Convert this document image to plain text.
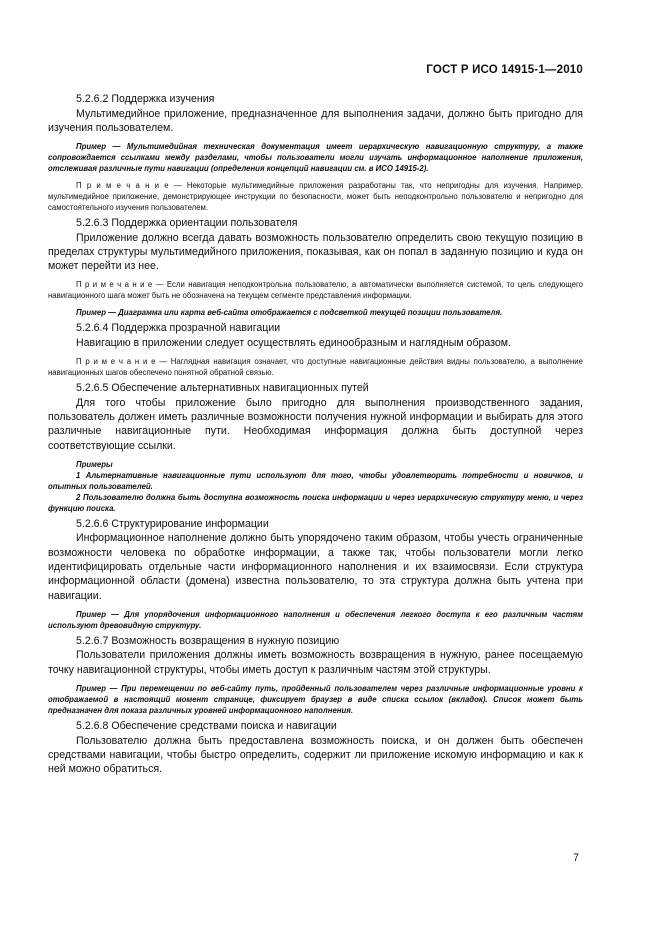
ГОСТ Р ИСО 14915-1—2010

5.2.6.2 Поддержка изучения

Мультимедийное приложение, предназначенное для выполнения задачи, должно быть пригодно для изучения пользователем.

Пример — Мультимедийная техническая документация имеет иерархическую навигационную структуру, а также сопровождается ссылками между разделами, чтобы пользователи могли изучать информационное наполнение приложения, отслеживая различные пути навигации (определения концепций навигации см. в ИСО 14915-2).

П р и м е ч а н и е — Некоторые мультимедийные приложения разработаны так, что непригодны для изучения. Например, мультимедийное приложение, демонстрирующее инструкции по безопасности, может быть неподконтрольно пользователю и непригодно для самостоятельного изучения пользователем.

5.2.6.3 Поддержка ориентации пользователя

Приложение должно всегда давать возможность пользователю определить свою текущую позицию в пределах структуры мультимедийного приложения, показывая, как он попал в заданную позицию и куда он может перейти из нее.

П р и м е ч а н и е — Если навигация неподконтрольна пользователю, а автоматически выполняется системой, то цель следующего навигационного шага может быть не обозначена на текущем сегменте представления информации.

Пример — Диаграмма или карта веб-сайта отображается с подсветкой текущей позиции пользователя.

5.2.6.4 Поддержка прозрачной навигации

Навигацию в приложении следует осуществлять единообразным и наглядным образом.

П р и м е ч а н и е — Наглядная навигация означает, что доступные навигационные действия видны пользователю, а выполнение навигационных шагов обеспечено понятной обратной связью.

5.2.6.5 Обеспечение альтернативных навигационных путей

Для того чтобы приложение было пригодно для выполнения производственного задания, пользователь должен иметь различные возможности получения нужной информации и выбирать для этого различные навигационные пути. Необходимая информация должна быть доступной через соответствующие ссылки.

Примеры

1 Альтернативные навигационные пути используют для того, чтобы удовлетворить потребности и новичков, и опытных пользователей.

2 Пользователю должна быть доступна возможность поиска информации и через иерархическую структуру меню, и через функцию поиска.

5.2.6.6 Структурирование информации

Информационное наполнение должно быть упорядочено таким образом, чтобы учесть ограниченные возможности человека по обработке информации, а также так, чтобы пользователи могли легко идентифицировать отдельные части информационного наполнения и их взаимосвязи. Если структура информационной области (домена) известна пользователю, то эта структура должна быть учтена при навигации.

Пример — Для упорядочения информационного наполнения и обеспечения легкого доступа к его различным частям используют древовидную структуру.

5.2.6.7 Возможность возвращения в нужную позицию

Пользователи приложения должны иметь возможность возвращения в нужную, ранее посещаемую точку навигационной структуры, чтобы иметь доступ к различным частям этой структуры.

Пример — При перемещении по веб-сайту путь, пройденный пользователем через различные информационные уровни к отображаемой в настоящий момент странице, фиксирует браузер в виде списка ссылок (вкладок). Список может быть предназначен для показа различных уровней информационного наполнения.

5.2.6.8 Обеспечение средствами поиска и навигации

Пользователю должна быть предоставлена возможность поиска, и он должен быть обеспечен средствами навигации, чтобы быстро определить, содержит ли приложение искомую информацию и как к ней можно обратиться.

7
